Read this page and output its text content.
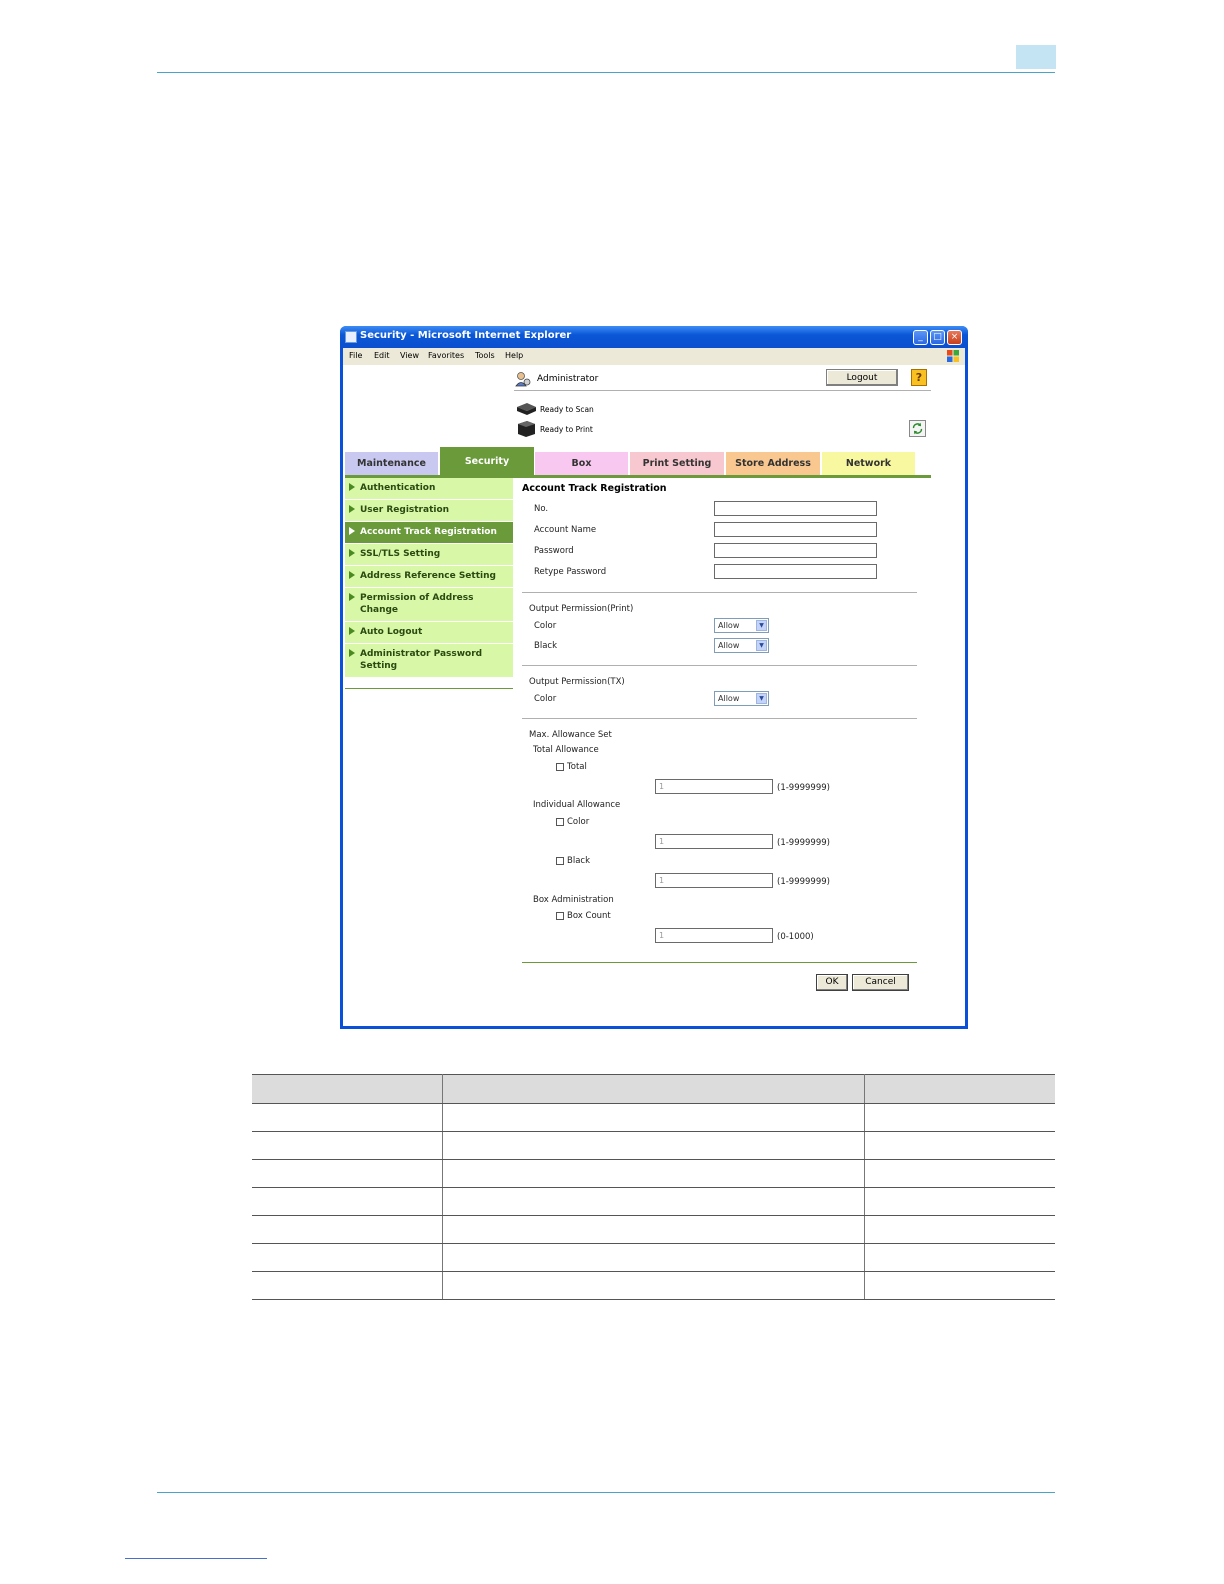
Security - Microsoft Internet Explorer	_	□ ×
File Edit View Favorites Tools Help
Administrator	Logout	?
Ready to Scan
Ready to Print
Maintenance	Security	Box	Print Setting	Store Address	Network
Authentication
User Registration
Account Track Registration
SSL/TLS Setting
Address Reference Setting
Permission of Address Change
Auto Logout
Administrator Password Setting
Account Track Registration
No.
Account Name
Password
Retype Password
Output Permission(Print)
Color	Allow	▼
Black	Allow	▼
Output Permission(TX)
Color	Allow	▼
Max. Allowance Set
Total Allowance
Total
1	(1-9999999)
Individual Allowance
Color
1	(1-9999999)
Black
1	(1-9999999)
Box Administration
Box Count
1	(0-1000)
OK	Cancel
